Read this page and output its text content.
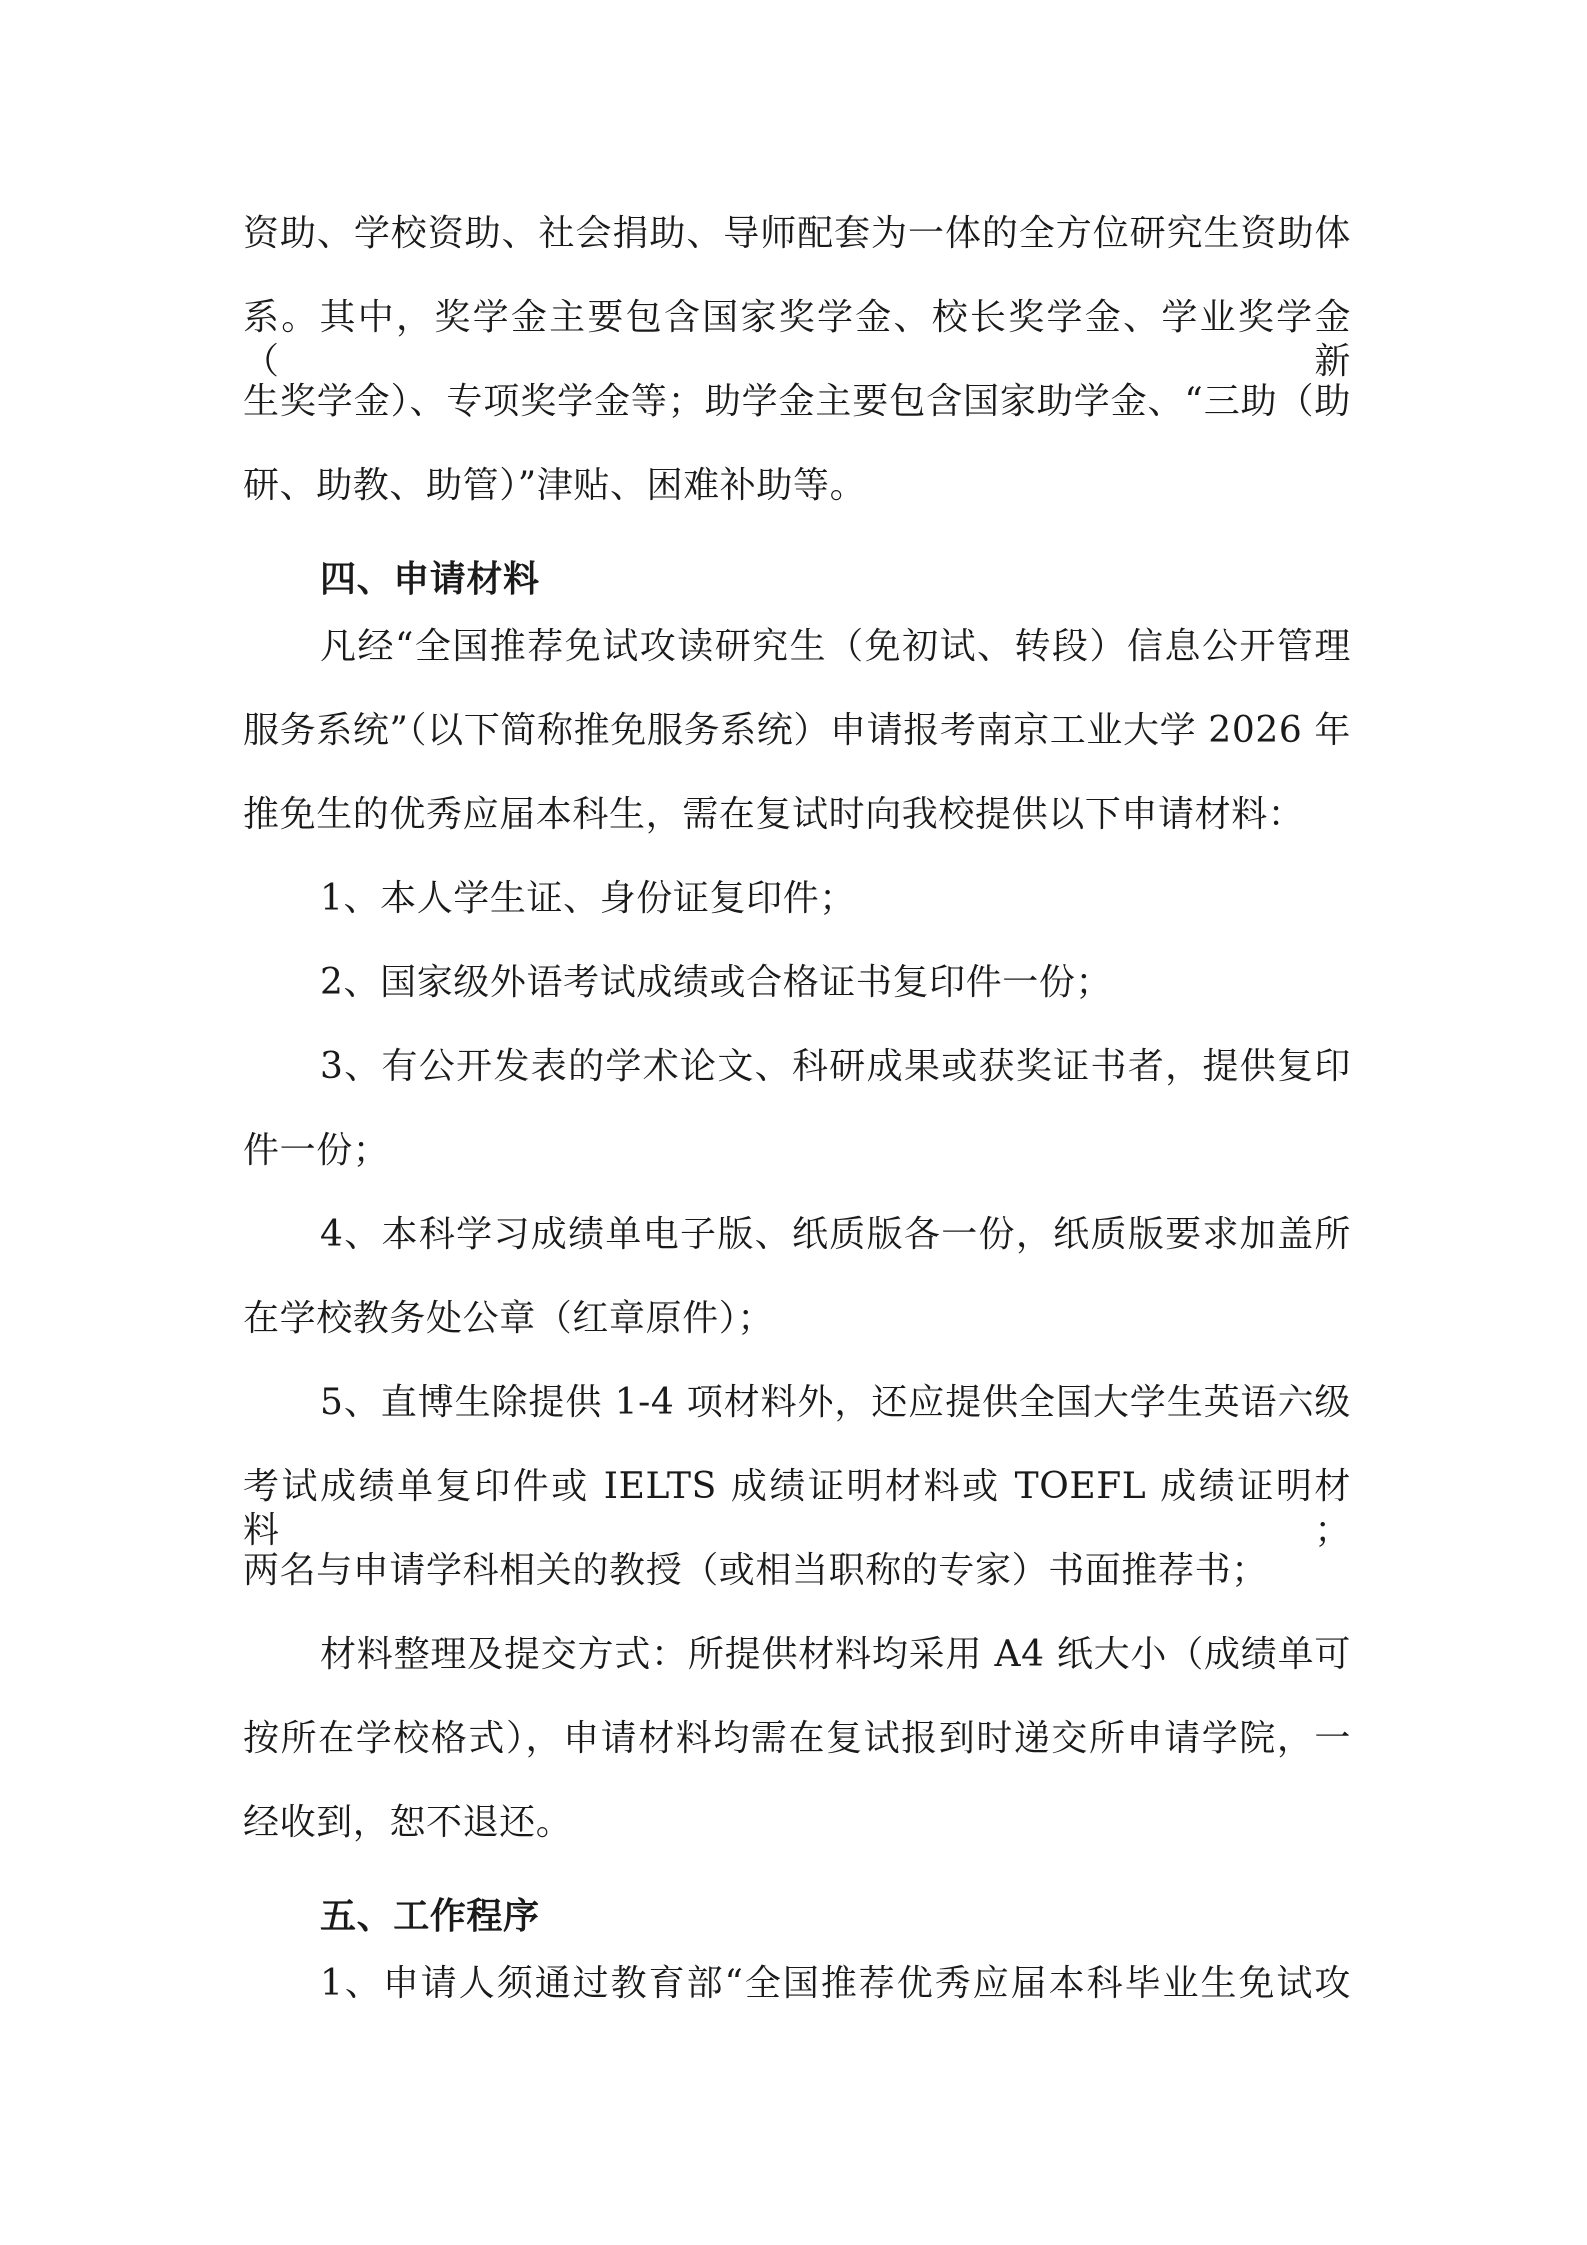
资助、学校资助、社会捐助、导师配套为一体的全方位研究生资助体
系。其中，奖学金主要包含国家奖学金、校长奖学金、学业奖学金（新
生奖学金）、专项奖学金等；助学金主要包含国家助学金、“三助（助
研、助教、助管）”津贴、困难补助等。
四、申请材料
凡经“全国推荐免试攻读研究生（免初试、转段）信息公开管理
服务系统”（以下简称推免服务系统）申请报考南京工业大学 2026 年
推免生的优秀应届本科生，需在复试时向我校提供以下申请材料：
1、本人学生证、身份证复印件；
2、国家级外语考试成绩或合格证书复印件一份；
3、有公开发表的学术论文、科研成果或获奖证书者，提供复印
件一份；
4、本科学习成绩单电子版、纸质版各一份，纸质版要求加盖所
在学校教务处公章（红章原件）；
5、直博生除提供 1-4 项材料外，还应提供全国大学生英语六级
考试成绩单复印件或 IELTS 成绩证明材料或 TOEFL 成绩证明材料；
两名与申请学科相关的教授（或相当职称的专家）书面推荐书；
材料整理及提交方式：所提供材料均采用 A4 纸大小（成绩单可
按所在学校格式），申请材料均需在复试报到时递交所申请学院，一
经收到，恕不退还。
五、工作程序
1、申请人须通过教育部“全国推荐优秀应届本科毕业生免试攻
